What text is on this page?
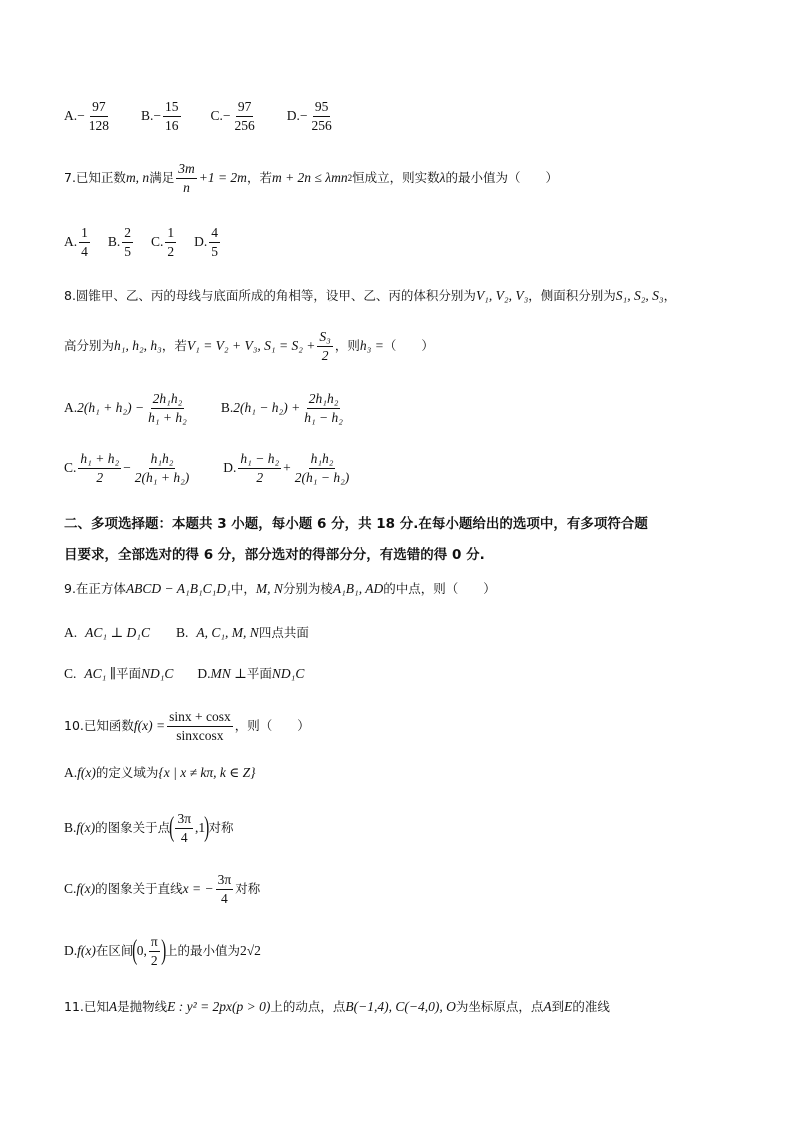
A. − $\frac{97}{128} B$. − $\frac{15}{16} C$. − $\frac{97}{256} D$. − $\frac{95}{256}$
7.已知正数 m, n 满足 $\frac{3m}{n} +1 = 2m$ ，若 m + 2n ≤ λmn 2 恒成立，则实数 λ 的最小值为（　　）
A. $\frac{1}{4} B$. $\frac{2}{5} C$. $\frac{1}{2} D$. $\frac{4}{5}$
8.圆锥甲、乙、丙的母线与底面所成的角相等，设甲、乙、丙的体积分别为 V₁, V₂, V₃ ，侧面积分别为 S₁, S₂, S₃ ，
高分别为 h₁, h₂, h₃ ，若 V₁ = V₂ + V₃, $S_1 = S_2 + \frac{\text{S₃}}{2}$ ，则 h₃ = （　　）
A. $2(h_1 + h_2) - \frac{\text{2h₁h₂}}{\text{h₁ + h₂}} B$. $2(h_1 - h_2) + \frac{\text{2h₁h₂}}{\text{h₁ − h₂}}$
C. $\frac{\text{h₁ + h₂}}{2} - \frac{\text{h₁h₂}}{\text{2(h₁ + h₂)}} D$. $\frac{\text{h₁ − h₂}}{2} + \frac{\text{h₁h₂}}{\text{2(h₁ − h₂)}}$
二、多项选择题：本题共 3 小题，每小题 6 分，共 18 分.在每小题给出的选项中，有多项符合题
目要求，全部选对的得 6 分，部分选对的得部分分，有选错的得 0 分.
9.在正方体 ABCD − A₁B₁C₁D₁ 中， M, N 分别为棱 A₁B₁, AD 的中点，则（　　）
A. AC₁ ⊥ D₁C B. A, C₁, M, N 四点共面
C. AC₁ ∥ 平面 ND₁C D. MN ⊥ 平面 ND₁C
10.已知函数 $f(x) = \frac{\sin x + \cos x}{\text{sinxcosx}}$ ，则（　　）
A. f(x) 的定义域为 {x | x ≠ kπ, k ∈ Z}
B. f(x) 的图象关于点 ( $\frac{3\pi}{4} ,1$ ) 对称
C. f(x) 的图象关于直线 x = − $\frac{3\pi}{4}$ 对称
D. f(x) 在区间 ( 0, $\frac{\pi}{2}$ ) 上的最小值为 2√2
11.已知 A 是抛物线 E : y² = 2px(p > 0) 上的动点，点 B(−1,4), C(−4,0), O 为坐标原点，点 A 到 E 的准线
